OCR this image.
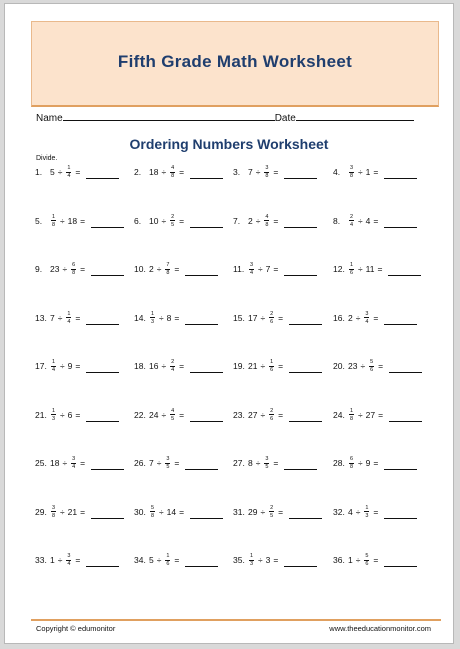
Fifth Grade Math Worksheet
Name	Date
Ordering Numbers Worksheet
Divide.
1. $5 \div \frac{1}{4}$ =	2. $18 \div \frac{4}{8}$ =	3. $7 \div \frac{3}{8}$ =	4.	$\frac{3}{8} \div 1$ =
5.	$\frac{1}{8} \div 18$ =	6. $10 \div \frac{2}{5}$ =	7. $2 \div \frac{4}{8}$ =	8.	$\frac{2}{4} \div 4$ =
9. $23 \div \frac{6}{8}$ =	10. $2 \div \frac{7}{8}$ =	11. $\frac{3}{4} \div 7$ =	12. $\frac{1}{6} \div 11$ =
13. $7 \div \frac{1}{4}$ =	14. $\frac{1}{3} \div 8$ =	15. $17 \div \frac{2}{6}$ =	16. $2 \div \frac{3}{4}$ =
17. $\frac{1}{4} \div 9$ =	18. $16 \div \frac{2}{4}$ =	19. $21 \div \frac{1}{6}$ =	20. $23 \div \frac{5}{6}$ =
21. $\frac{1}{3} \div 6$ =	22. $24 \div \frac{4}{5}$ =	23. $27 \div \frac{2}{6}$ =	24. $\frac{1}{8} \div 27$ =
25. $18 \div \frac{3}{4}$ =	26. $7 \div \frac{3}{5}$ =	27. $8 \div \frac{3}{5}$ =	28. $\frac{6}{8} \div 9$ =
29. $\frac{3}{8} \div 21$ =	30. $\frac{5}{8} \div 14$ =	31. $29 \div \frac{2}{5}$ =	32. $4 \div \frac{1}{3}$ =
33. $1 \div \frac{3}{4}$ =	34. $5 \div \frac{1}{6}$ =	35. $\frac{1}{3} \div 3$ =	36. $1 \div \frac{5}{6}$ =
Copyright © edumonitor	www.theeducationmonitor.com
